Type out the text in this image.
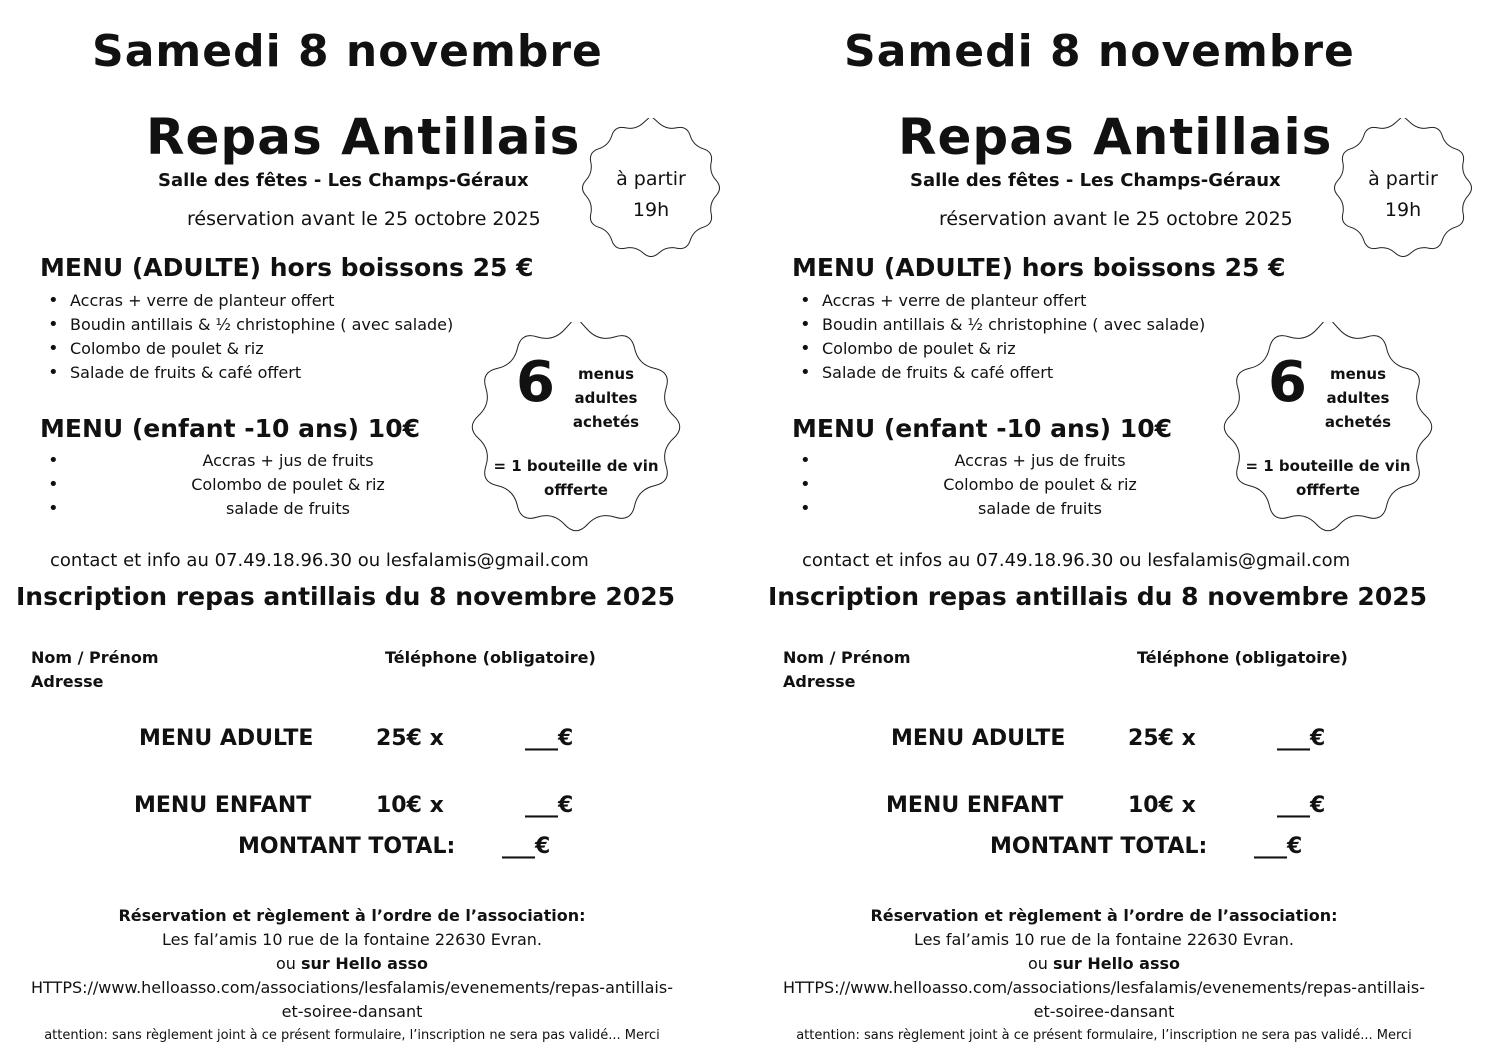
Samedi 8 novembre
Repas Antillais
Salle des fêtes - Les Champs-Géraux
réservation avant le 25 octobre 2025
à partir
19h
MENU (ADULTE) hors boissons 25 €
• Accras + verre de planteur offert
• Boudin antillais & ½ christophine ( avec salade)
• Colombo de poulet & riz
• Salade de fruits & café offert	6	menus
adultes
achetés
= 1 bouteille de vin
offferte
MENU (enfant -10 ans) 10€
• Accras + jus de fruits
• Colombo de poulet & riz
• salade de fruits
contact et info au 07.49.18.96.30 ou lesfalamis@gmail.com
Inscription repas antillais du 8 novembre 2025
Nom / Prénom
Adresse
Téléphone (obligatoire)
MENU ADULTE	25€ x	___€
MENU ENFANT	10€ x	___€
MONTANT TOTAL: ___€
Réservation et règlement à l’ordre de l’association:
Les fal’amis 10 rue de la fontaine 22630 Evran.
ou sur Hello asso
HTTPS://www.helloasso.com/associations/lesfalamis/evenements/repas-antillais-
et-soiree-dansant
attention: sans règlement joint à ce présent formulaire, l’inscription ne sera pas validé... Merci
Samedi 8 novembre
Repas Antillais
Salle des fêtes - Les Champs-Géraux
réservation avant le 25 octobre 2025
à partir
19h
MENU (ADULTE) hors boissons 25 €
• Accras + verre de planteur offert
• Boudin antillais & ½ christophine ( avec salade)
• Colombo de poulet & riz
• Salade de fruits & café offert	6	menus
adultes
achetés
= 1 bouteille de vin
offferte
MENU (enfant -10 ans) 10€
• Accras + jus de fruits
• Colombo de poulet & riz
• salade de fruits
contact et infos au 07.49.18.96.30 ou lesfalamis@gmail.com
Inscription repas antillais du 8 novembre 2025
Nom / Prénom
Adresse
Téléphone (obligatoire)
MENU ADULTE	25€ x	___€
MENU ENFANT	10€ x	___€
MONTANT TOTAL: ___€
Réservation et règlement à l’ordre de l’association:
Les fal’amis 10 rue de la fontaine 22630 Evran.
ou sur Hello asso
HTTPS://www.helloasso.com/associations/lesfalamis/evenements/repas-antillais-
et-soiree-dansant
attention: sans règlement joint à ce présent formulaire, l’inscription ne sera pas validé... Merci
